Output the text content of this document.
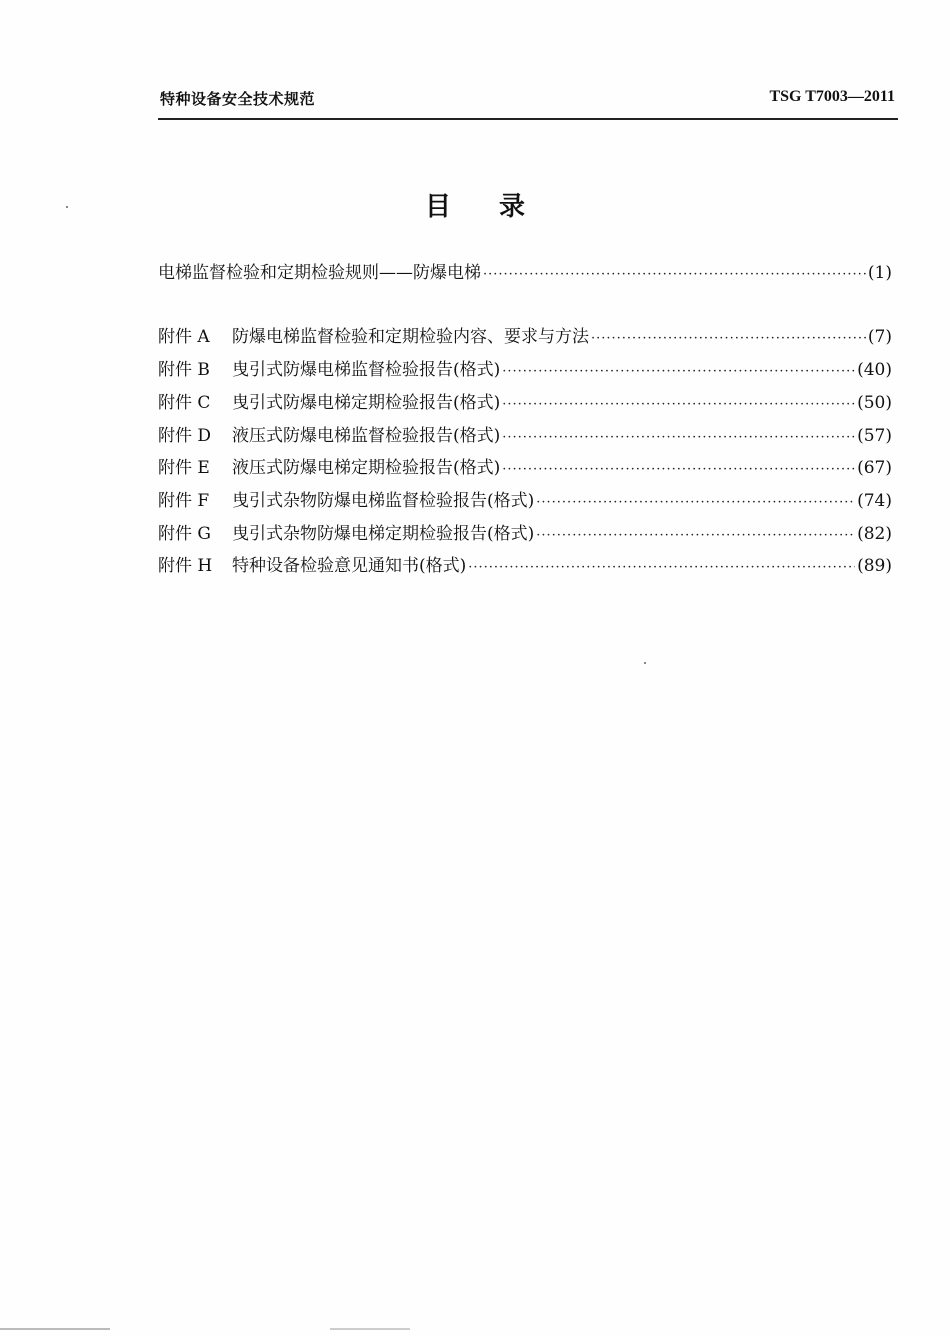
特种设备安全技术规范	TSG T7003—2011
目录
电梯监督检验和定期检验规则——防爆电梯 ·····	(1)
附件 A	防爆电梯监督检验和定期检验内容、要求与方法 ·····	(7)
附件 B	曳引式防爆电梯监督检验报告(格式) ·····	(40)
附件 C	曳引式防爆电梯定期检验报告(格式) ·····	(50)
附件 D	液压式防爆电梯监督检验报告(格式) ·····	(57)
附件 E	液压式防爆电梯定期检验报告(格式) ·····	(67)
附件 F	曳引式杂物防爆电梯监督检验报告(格式) ·····	(74)
附件 G	曳引式杂物防爆电梯定期检验报告(格式) ·····	(82)
附件 H	特种设备检验意见通知书(格式) ·····	(89)
